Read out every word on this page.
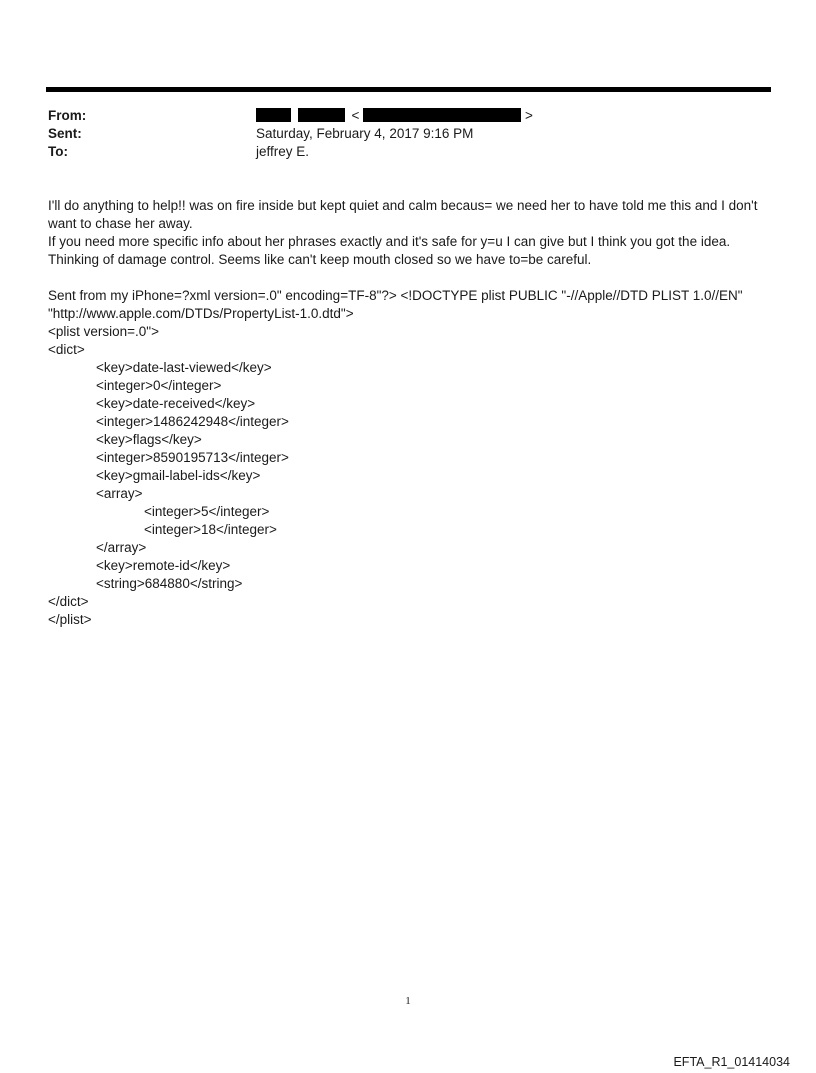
From:	<	>
Sent:	Saturday, February 4, 2017 9:16 PM
To:	jeffrey E.

I'll do anything to help!! was on fire inside but kept quiet and calm becaus= we need her to have told me this and I don't want to chase her away.

If you need more specific info about her phrases exactly and it's safe for y=u I can give but I think you got the idea.

Thinking of damage control. Seems like can't keep mouth closed so we have to=be careful.

Sent from my iPhone=?xml version=.0" encoding=TF-8"?> <!DOCTYPE plist PUBLIC "-//Apple//DTD PLIST 1.0//EN" "http://www.apple.com/DTDs/PropertyList-1.0.dtd">

<plist version=.0">

<dict>

<key>date-last-viewed</key>

<integer>0</integer>

<key>date-received</key>

<integer>1486242948</integer>

<key>flags</key>

<integer>8590195713</integer>

<key>gmail-label-ids</key>

<array>

<integer>5</integer>

<integer>18</integer>

</array>

<key>remote-id</key>

<string>684880</string>

</dict>

</plist>

1
EFTA_R1_01414034
